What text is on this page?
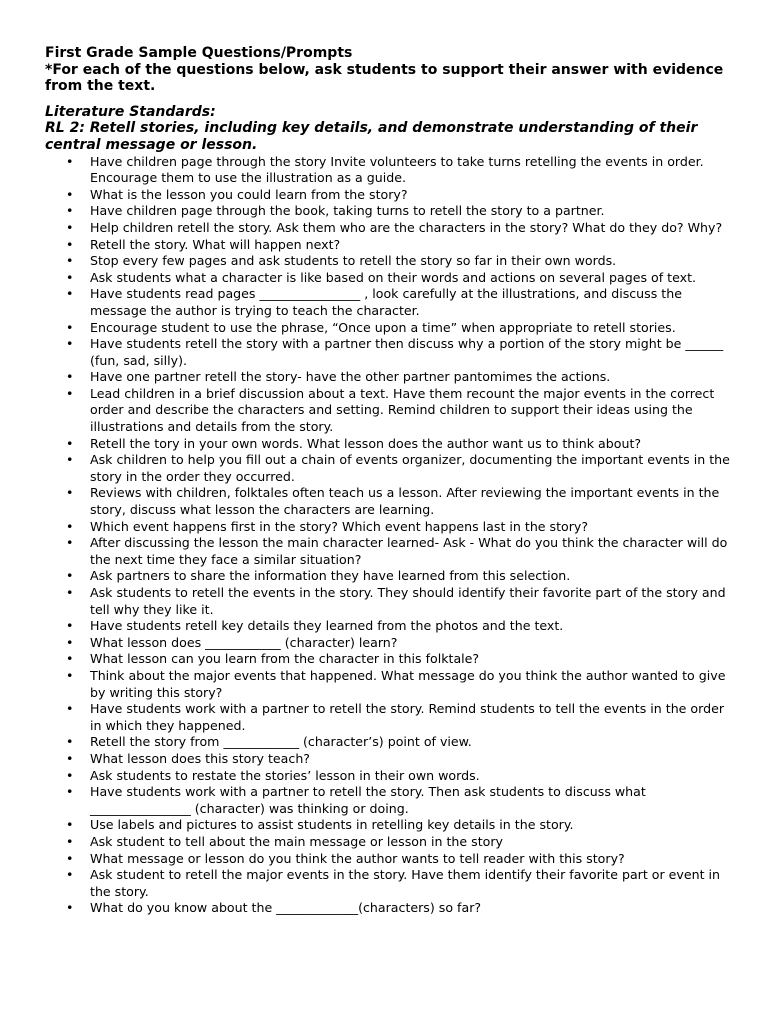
First Grade Sample Questions/Prompts

*For each of the questions below, ask students to support their answer with evidence from the text.

Literature Standards:

RL 2: Retell stories, including key details, and demonstrate understanding of their central message or lesson.

• Have children page through the story Invite volunteers to take turns retelling the events in order. Encourage them to use the illustration as a guide.
• What is the lesson you could learn from the story?
• Have children page through the book, taking turns to retell the story to a partner.
• Help children retell the story. Ask them who are the characters in the story? What do they do? Why?
• Retell the story. What will happen next?
• Stop every few pages and ask students to retell the story so far in their own words.
• Ask students what a character is like based on their words and actions on several pages of text.
• Have students read pages ________________ , look carefully at the illustrations, and discuss the message the author is trying to teach the character.
• Encourage student to use the phrase, “Once upon a time” when appropriate to retell stories.
• Have students retell the story with a partner then discuss why a portion of the story might be ______ (fun, sad, silly).
• Have one partner retell the story- have the other partner pantomimes the actions.
• Lead children in a brief discussion about a text. Have them recount the major events in the correct order and describe the characters and setting. Remind children to support their ideas using the illustrations and details from the story.
• Retell the tory in your own words. What lesson does the author want us to think about?
• Ask children to help you fill out a chain of events organizer, documenting the important events in the story in the order they occurred.
• Reviews with children, folktales often teach us a lesson. After reviewing the important events in the story, discuss what lesson the characters are learning.
• Which event happens first in the story? Which event happens last in the story?
• After discussing the lesson the main character learned- Ask - What do you think the character will do the next time they face a similar situation?
• Ask partners to share the information they have learned from this selection.
• Ask students to retell the events in the story. They should identify their favorite part of the story and tell why they like it.
• Have students retell key details they learned from the photos and the text.
• What lesson does ____________ (character) learn?
• What lesson can you learn from the character in this folktale?
• Think about the major events that happened. What message do you think the author wanted to give by writing this story?
• Have students work with a partner to retell the story. Remind students to tell the events in the order in which they happened.
• Retell the story from ____________ (character’s) point of view.
• What lesson does this story teach?
• Ask students to restate the stories’ lesson in their own words.
• Have students work with a partner to retell the story. Then ask students to discuss what ________________ (character) was thinking or doing.
• Use labels and pictures to assist students in retelling key details in the story.
• Ask student to tell about the main message or lesson in the story
• What message or lesson do you think the author wants to tell reader with this story?
• Ask student to retell the major events in the story. Have them identify their favorite part or event in the story.
• What do you know about the _____________(characters) so far?
